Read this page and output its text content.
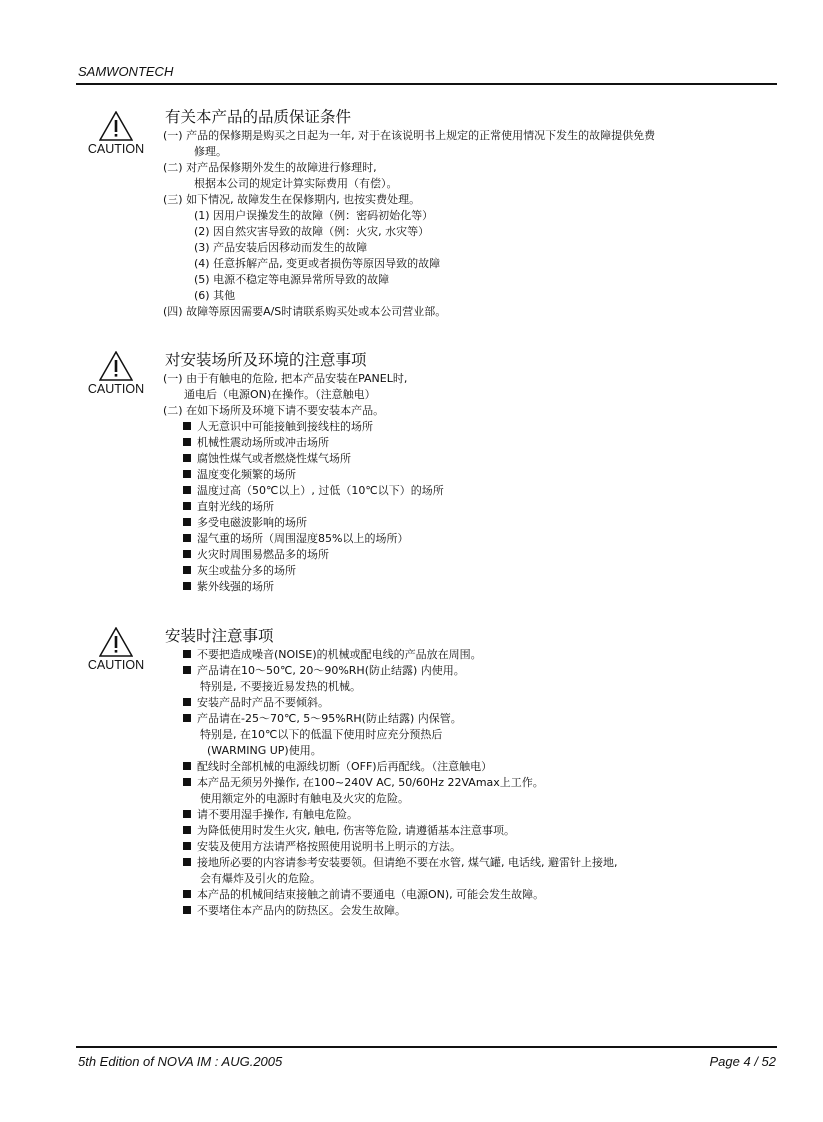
SAMWONTECH
CAUTION
有关本产品的品质保证条件
(一) 产品的保修期是购买之日起为一年, 对于在该说明书上规定的正常使用情况下发生的故障提供免费
修理。
(二) 对产品保修期外发生的故障进行修理时,
根据本公司的规定计算实际费用（有偿）。
(三) 如下情况, 故障发生在保修期内, 也按实费处理。
(1) 因用户误操发生的故障（例：密码初始化等）
(2) 因自然灾害导致的故障（例：火灾, 水灾等）
(3) 产品安装后因移动而发生的故障
(4) 任意拆解产品, 变更或者损伤等原因导致的故障
(5) 电源不稳定等电源异常所导致的故障
(6) 其他
(四) 故障等原因需要A/S时请联系购买处或本公司营业部。
CAUTION
对安装场所及环境的注意事项
(一) 由于有触电的危险, 把本产品安装在PANEL时,
通电后（电源ON)在操作。（注意触电）
(二) 在如下场所及环境下请不要安装本产品。
人无意识中可能接触到接线柱的场所
机械性震动场所或冲击场所
腐蚀性煤气或者燃烧性煤气场所
温度变化频繁的场所
温度过高（50℃以上）, 过低（10℃以下）的场所
直射光线的场所
多受电磁波影响的场所
湿气重的场所（周围湿度85%以上的场所）
火灾时周围易燃品多的场所
灰尘或盐分多的场所
紫外线强的场所
CAUTION
安装时注意事项
不要把造成噪音(NOISE)的机械或配电线的产品放在周围。
产品请在10～50℃, 20～90%RH(防止结露) 内使用。
特别是, 不要接近易发热的机械。
安装产品时产品不要倾斜。
产品请在-25～70℃, 5～95%RH(防止结露) 内保管。
特别是, 在10℃以下的低温下使用时应充分预热后
(WARMING UP)使用。
配线时全部机械的电源线切断（OFF)后再配线。（注意触电）
本产品无须另外操作, 在100~240V AC, 50/60Hz 22VAmax上工作。
使用额定外的电源时有触电及火灾的危险。
请不要用湿手操作, 有触电危险。
为降低使用时发生火灾, 触电, 伤害等危险, 请遵循基本注意事项。
安装及使用方法请严格按照使用说明书上明示的方法。
接地所必要的内容请参考安装要领。但请绝不要在水管, 煤气罐, 电话线, 避雷针上接地,
会有爆炸及引火的危险。
本产品的机械间结束接触之前请不要通电（电源ON), 可能会发生故障。
不要堵住本产品内的防热区。会发生故障。
5th Edition of NOVA IM : AUG.2005	Page 4 / 52
